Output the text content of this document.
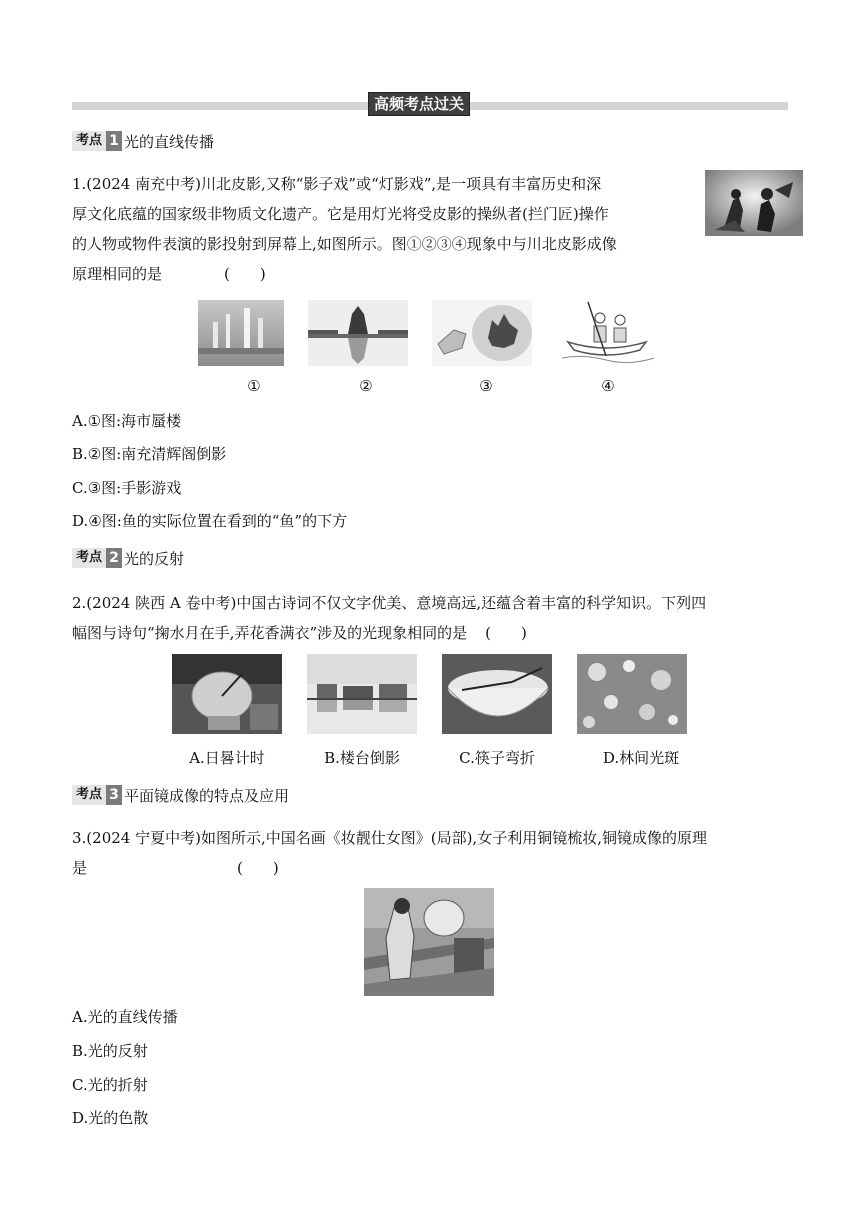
高频考点过关
考点 1 光的直线传播
1.(2024 南充中考)川北皮影,又称“影子戏”或“灯影戏”,是一项具有丰富历史和深
厚文化底蕴的国家级非物质文化遗产。它是用灯光将受皮影的操纵者(拦门匠)操作
的人物或物件表演的影投射到屏幕上,如图所示。图①②③④现象中与川北皮影成像
原理相同的是	(　　)
①	②	③	④
A.①图:海市蜃楼
B.②图:南充清辉阁倒影
C.③图:手影游戏
D.④图:鱼的实际位置在看到的“鱼”的下方
考点 2 光的反射
2.(2024 陕西 A 卷中考)中国古诗词不仅文字优美、意境高远,还蕴含着丰富的科学知识。下列四
幅图与诗句“掬水月在手,弄花香满衣”涉及的光现象相同的是 (　　)
A.日晷计时	B.楼台倒影	C.筷子弯折	D.林间光斑
考点 3 平面镜成像的特点及应用
3.(2024 宁夏中考)如图所示,中国名画《妆靓仕女图》(局部),女子利用铜镜梳妆,铜镜成像的原理
是	(　　)
A.光的直线传播
B.光的反射
C.光的折射
D.光的色散
